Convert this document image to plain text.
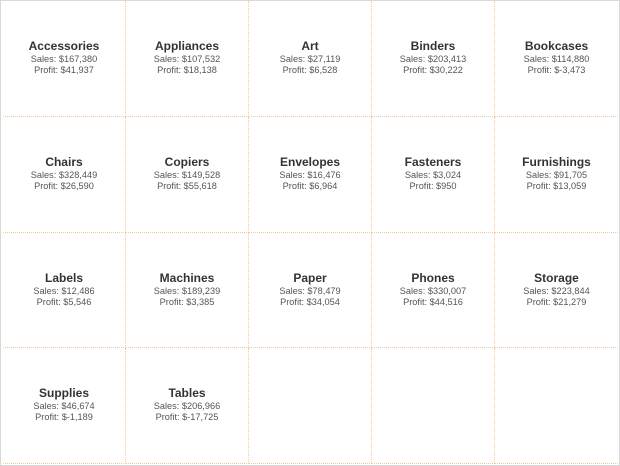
Accessories
Sales: $167,380
Profit: $41,937
Appliances
Sales: $107,532
Profit: $18,138
Art
Sales: $27,119
Profit: $6,528
Binders
Sales: $203,413
Profit: $30,222
Bookcases
Sales: $114,880
Profit: $-3,473
Chairs
Sales: $328,449
Profit: $26,590
Copiers
Sales: $149,528
Profit: $55,618
Envelopes
Sales: $16,476
Profit: $6,964
Fasteners
Sales: $3,024
Profit: $950
Furnishings
Sales: $91,705
Profit: $13,059
Labels
Sales: $12,486
Profit: $5,546
Machines
Sales: $189,239
Profit: $3,385
Paper
Sales: $78,479
Profit: $34,054
Phones
Sales: $330,007
Profit: $44,516
Storage
Sales: $223,844
Profit: $21,279
Supplies
Sales: $46,674
Profit: $-1,189
Tables
Sales: $206,966
Profit: $-17,725
